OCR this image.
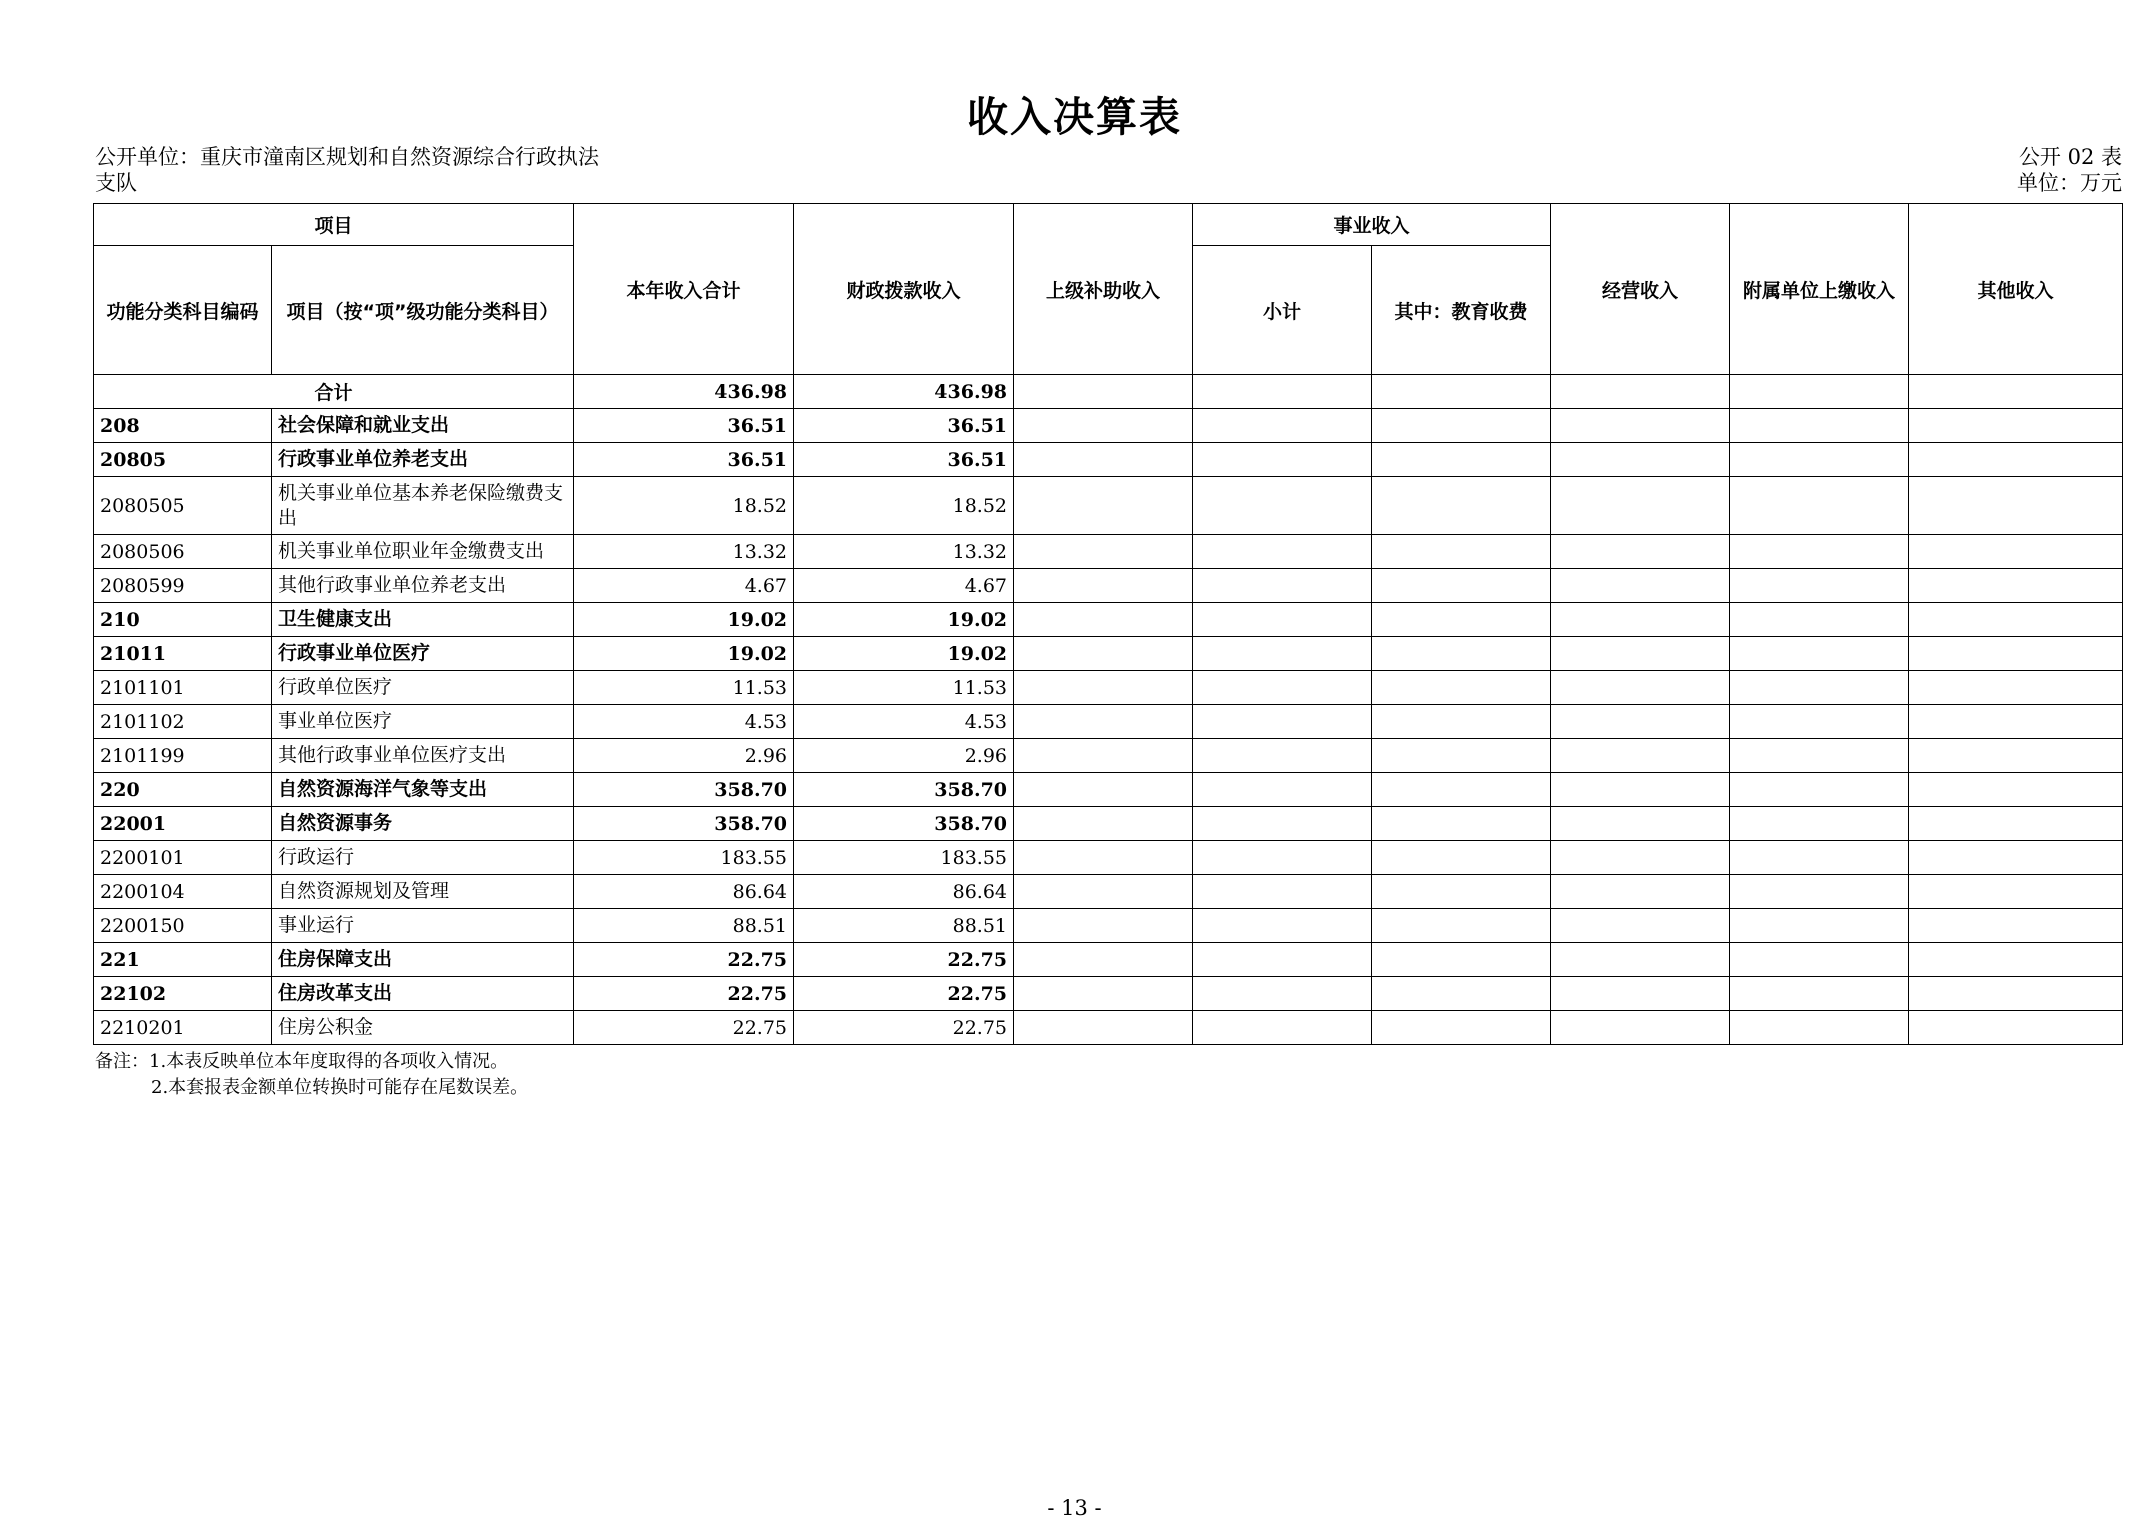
收入决算表
公开单位：重庆市潼南区规划和自然资源综合行政执法支队
公开 02 表
单位：万元
项目		本年收入合计	财政拨款收入	上级补助收入	事业收入		经营收入	附属单位上缴收入	其他收入
功能分类科目编码	项目（按“项”级功能分类科目）				小计	其中：教育收费			
合计		436.98	436.98						
208	社会保障和就业支出	36.51	36.51						
20805	行政事业单位养老支出	36.51	36.51						
2080505	机关事业单位基本养老保险缴费支出	18.52	18.52						
2080506	机关事业单位职业年金缴费支出	13.32	13.32						
2080599	其他行政事业单位养老支出	4.67	4.67						
210	卫生健康支出	19.02	19.02						
21011	行政事业单位医疗	19.02	19.02						
2101101	行政单位医疗	11.53	11.53						
2101102	事业单位医疗	4.53	4.53						
2101199	其他行政事业单位医疗支出	2.96	2.96						
220	自然资源海洋气象等支出	358.70	358.70						
22001	自然资源事务	358.70	358.70						
2200101	行政运行	183.55	183.55						
2200104	自然资源规划及管理	86.64	86.64						
2200150	事业运行	88.51	88.51						
221	住房保障支出	22.75	22.75						
22102	住房改革支出	22.75	22.75						
2210201	住房公积金	22.75	22.75						
备注：1.本表反映单位本年度取得的各项收入情况。
2.本套报表金额单位转换时可能存在尾数误差。
- 13 -
